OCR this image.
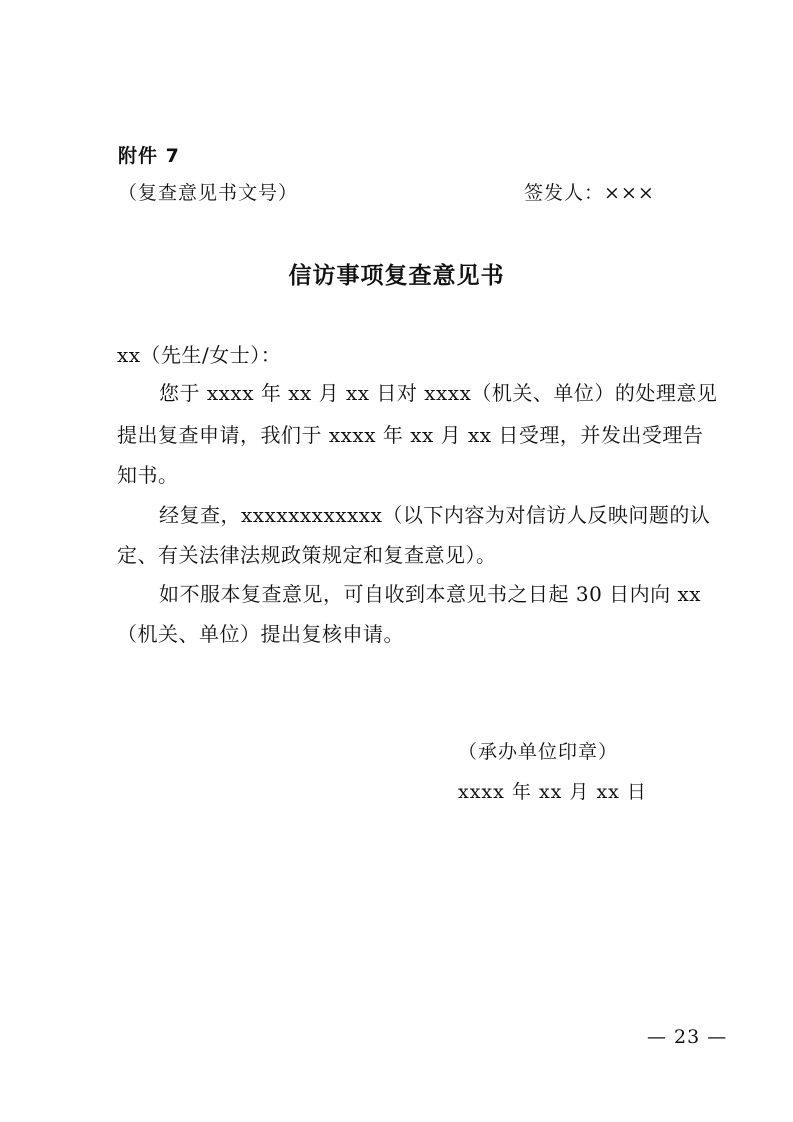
附件 7
（复查意见书文号）	签发人：×××
信访事项复查意见书
xx（先生/女士）：
您于 xxxx 年 xx 月 xx 日对 xxxx（机关、单位）的处理意见
提出复查申请，我们于 xxxx 年 xx 月 xx 日受理，并发出受理告
知书。
经复查，xxxxxxxxxxxx（以下内容为对信访人反映问题的认
定、有关法律法规政策规定和复查意见）。
如不服本复查意见，可自收到本意见书之日起 30 日内向 xx
（机关、单位）提出复核申请。
（承办单位印章）
xxxx 年 xx 月 xx 日
— 23 —
